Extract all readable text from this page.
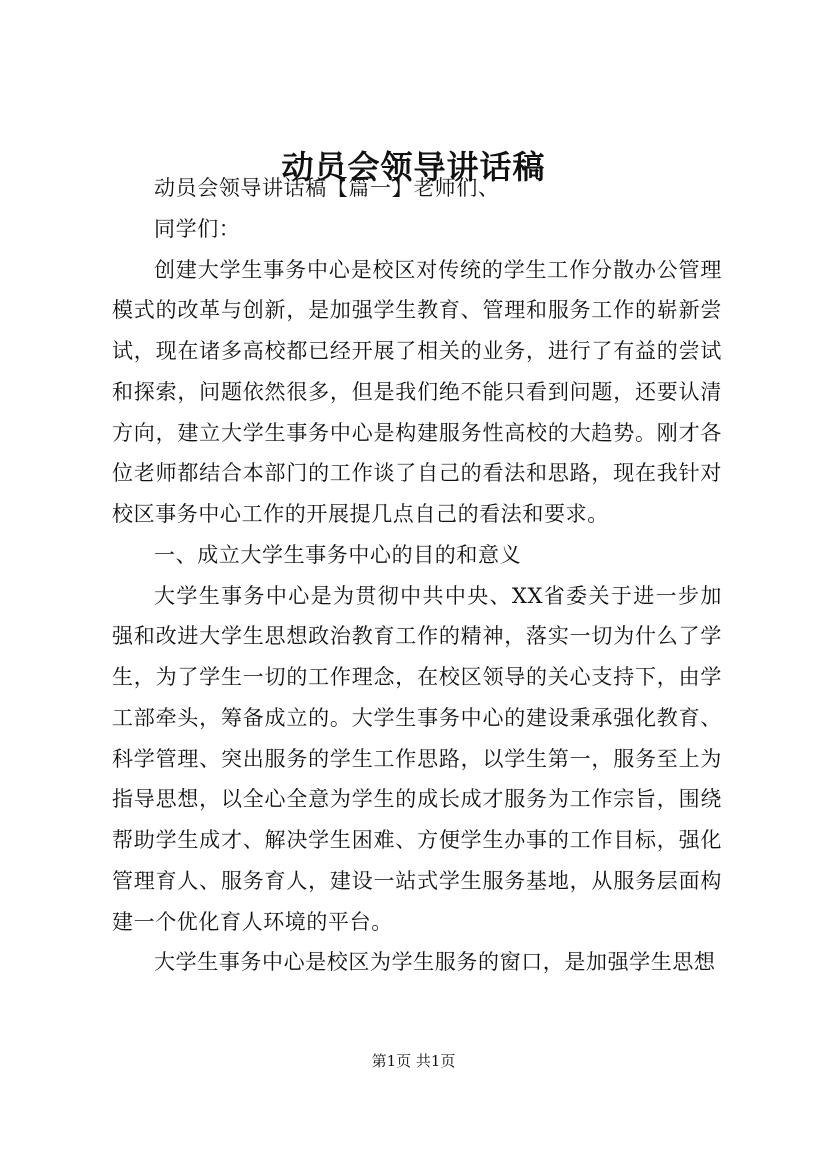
动员会领导讲话稿

动员会领导讲话稿【篇一】老师们、

同学们：

创建大学生事务中心是校区对传统的学生工作分散办公管理模式的改革与创新，是加强学生教育、管理和服务工作的崭新尝试，现在诸多高校都已经开展了相关的业务，进行了有益的尝试和探索，问题依然很多，但是我们绝不能只看到问题，还要认清方向，建立大学生事务中心是构建服务性高校的大趋势。刚才各位老师都结合本部门的工作谈了自己的看法和思路，现在我针对校区事务中心工作的开展提几点自己的看法和要求。

一、成立大学生事务中心的目的和意义

大学生事务中心是为贯彻中共中央、XX省委关于进一步加强和改进大学生思想政治教育工作的精神，落实一切为什么了学生，为了学生一切的工作理念，在校区领导的关心支持下，由学工部牵头，筹备成立的。大学生事务中心的建设秉承强化教育、科学管理、突出服务的学生工作思路，以学生第一，服务至上为指导思想，以全心全意为学生的成长成才服务为工作宗旨，围绕帮助学生成才、解决学生困难、方便学生办事的工作目标，强化管理育人、服务育人，建设一站式学生服务基地，从服务层面构建一个优化育人环境的平台。

大学生事务中心是校区为学生服务的窗口，是加强学生思想

第1页 共1页
